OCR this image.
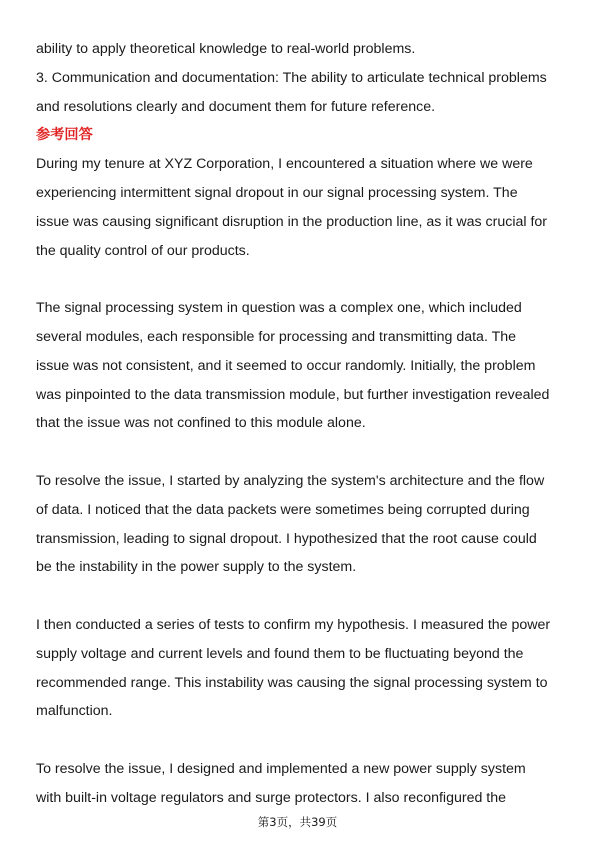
ability to apply theoretical knowledge to real-world problems.
3. Communication and documentation: The ability to articulate technical problems
and resolutions clearly and document them for future reference.
参考回答
During my tenure at XYZ Corporation, I encountered a situation where we were
experiencing intermittent signal dropout in our signal processing system. The
issue was causing significant disruption in the production line, as it was crucial for
the quality control of our products.
The signal processing system in question was a complex one, which included
several modules, each responsible for processing and transmitting data. The
issue was not consistent, and it seemed to occur randomly. Initially, the problem
was pinpointed to the data transmission module, but further investigation revealed
that the issue was not confined to this module alone.
To resolve the issue, I started by analyzing the system's architecture and the flow
of data. I noticed that the data packets were sometimes being corrupted during
transmission, leading to signal dropout. I hypothesized that the root cause could
be the instability in the power supply to the system.
I then conducted a series of tests to confirm my hypothesis. I measured the power
supply voltage and current levels and found them to be fluctuating beyond the
recommended range. This instability was causing the signal processing system to
malfunction.
To resolve the issue, I designed and implemented a new power supply system
with built-in voltage regulators and surge protectors. I also reconfigured the
第3页，共39页
